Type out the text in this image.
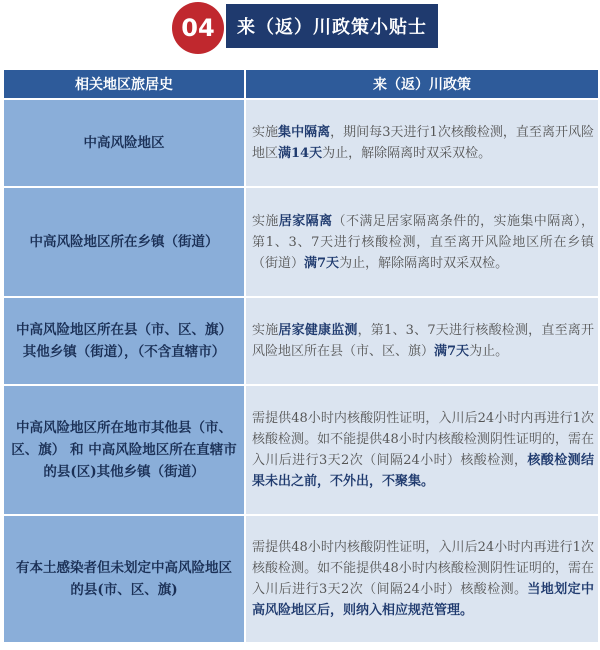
04	来（返）川政策小贴士
相关地区旅居史	来（返）川政策
中高风险地区	实施集中隔离，期间每3天进行1次核酸检测，直至离开风险地区满14天为止，解除隔离时双采双检。
中高风险地区所在乡镇（街道）	实施居家隔离（不满足居家隔离条件的，实施集中隔离），第1、3、7天进行核酸检测，直至离开风险地区所在乡镇（街道）满7天为止，解除隔离时双采双检。
中高风险地区所在县（市、区、旗）其他乡镇（街道），（不含直辖市）	实施居家健康监测，第1、3、7天进行核酸检测，直至离开风险地区所在县（市、区、旗）满7天为止。
中高风险地区所在地市其他县（市、区、旗） 和 中高风险地区所在直辖市的县(区)其他乡镇（街道）	需提供48小时内核酸阴性证明，入川后24小时内再进行1次核酸检测。如不能提供48小时内核酸检测阴性证明的，需在入川后进行3天2次（间隔24小时）核酸检测，核酸检测结果未出之前，不外出，不聚集。
有本土感染者但未划定中高风险地区的县(市、区、旗)	需提供48小时内核酸阴性证明，入川后24小时内再进行1次核酸检测。如不能提供48小时内核酸检测阴性证明的，需在入川后进行3天2次（间隔24小时）核酸检测。当地划定中高风险地区后，则纳入相应规范管理。
